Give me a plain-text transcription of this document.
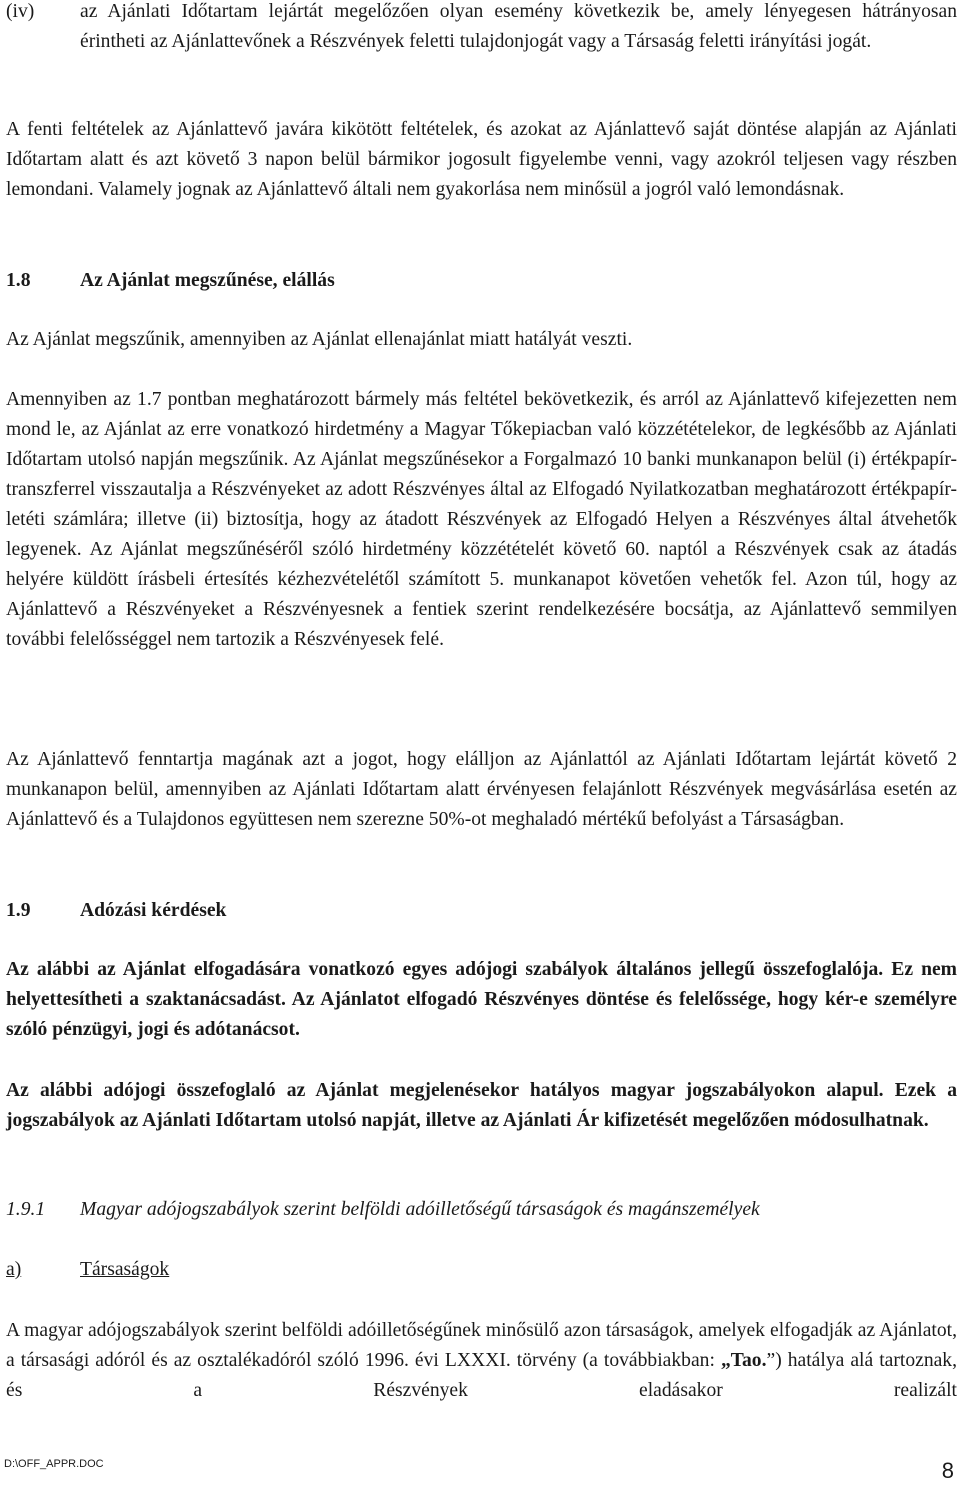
(iv) az Ajánlati Időtartam lejártát megelőzően olyan esemény következik be, amely lényegesen hátrányosan érintheti az Ajánlattevőnek a Részvények feletti tulajdonjogát vagy a Társaság feletti irányítási jogát.
A fenti feltételek az Ajánlattevő javára kikötött feltételek, és azokat az Ajánlattevő saját döntése alapján az Ajánlati Időtartam alatt és azt követő 3 napon belül bármikor jogosult figyelembe venni, vagy azokról teljesen vagy részben lemondani. Valamely jognak az Ajánlattevő általi nem gyakorlása nem minősül a jogról való lemondásnak.
1.8	Az Ajánlat megszűnése, elállás
Az Ajánlat megszűnik, amennyiben az Ajánlat ellenajánlat miatt hatályát veszti.
Amennyiben az 1.7 pontban meghatározott bármely más feltétel bekövetkezik, és arról az Ajánlattevő kifejezetten nem mond le, az Ajánlat az erre vonatkozó hirdetmény a Magyar Tőkepiacban való közzétételekor, de legkésőbb az Ajánlati Időtartam utolsó napján megszűnik. Az Ajánlat megszűnésekor a Forgalmazó 10 banki munkanapon belül (i) értékpapír-transzferrel visszautalja a Részvényeket az adott Részvényes által az Elfogadó Nyilatkozatban meghatározott értékpapír-letéti számlára; illetve (ii) biztosítja, hogy az átadott Részvények az Elfogadó Helyen a Részvényes által átvehetők legyenek. Az Ajánlat megszűnéséről szóló hirdetmény közzétételét követő 60. naptól a Részvények csak az átadás helyére küldött írásbeli értesítés kézhezvételétől számított 5. munkanapot követően vehetők fel. Azon túl, hogy az Ajánlattevő a Részvényeket a Részvényesnek a fentiek szerint rendelkezésére bocsátja, az Ajánlattevő semmilyen további felelősséggel nem tartozik a Részvényesek felé.
Az Ajánlattevő fenntartja magának azt a jogot, hogy elálljon az Ajánlattól az Ajánlati Időtartam lejártát követő 2 munkanapon belül, amennyiben az Ajánlati Időtartam alatt érvényesen felajánlott Részvények megvásárlása esetén az Ajánlattevő és a Tulajdonos együttesen nem szerezne 50%-ot meghaladó mértékű befolyást a Társaságban.
1.9	Adózási kérdések
Az alábbi az Ajánlat elfogadására vonatkozó egyes adójogi szabályok általános jellegű összefoglalója. Ez nem helyettesítheti a szaktanácsadást. Az Ajánlatot elfogadó Részvényes döntése és felelőssége, hogy kér-e személyre szóló pénzügyi, jogi és adótanácsot.
Az alábbi adójogi összefoglaló az Ajánlat megjelenésekor hatályos magyar jogszabályokon alapul. Ezek a jogszabályok az Ajánlati Időtartam utolsó napját, illetve az Ajánlati Ár kifizetését megelőzően módosulhatnak.
1.9.1 Magyar adójogszabályok szerint belföldi adóilletőségű társaságok és magánszemélyek
a)	Társaságok
A magyar adójogszabályok szerint belföldi adóilletőségűnek minősülő azon társaságok, amelyek elfogadják az Ajánlatot, a társasági adóról és az osztalékadóról szóló 1996. évi LXXXI. törvény (a továbbiakban: „Tao.”) hatálya alá tartoznak, és a Részvények eladásakor realizált
D:\OFF_APPR.DOC	8
